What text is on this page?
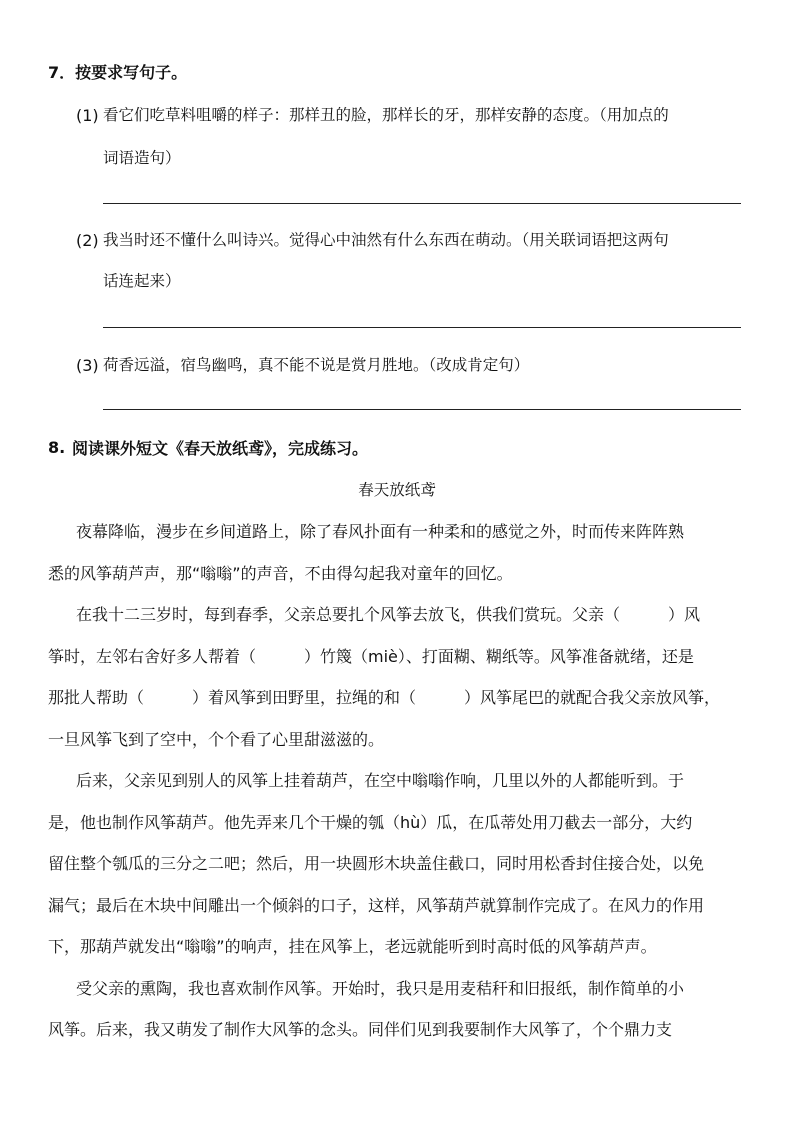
7．按要求写句子。
(1) 看它们吃草料咀嚼的样子：那样丑的脸，那样长的牙，那样安静的态度。（用加点的
词语造句）
(2) 我当时还不懂什么叫诗兴。觉得心中油然有什么东西在萌动。（用关联词语把这两句
话连起来）
(3) 荷香远溢，宿鸟幽鸣，真不能不说是赏月胜地。（改成肯定句）
8. 阅读课外短文《春天放纸鸢》，完成练习。
春天放纸鸢
夜幕降临，漫步在乡间道路上，除了春风扑面有一种柔和的感觉之外，时而传来阵阵熟
悉的风筝葫芦声，那“嗡嗡”的声音，不由得勾起我对童年的回忆。
在我十二三岁时，每到春季，父亲总要扎个风筝去放飞，供我们赏玩。父亲（　　　）风
筝时，左邻右舍好多人帮着（　　　）竹篾（miè）、打面糊、糊纸等。风筝准备就绪，还是
那批人帮助（　　　）着风筝到田野里，拉绳的和（　　　）风筝尾巴的就配合我父亲放风筝，
一旦风筝飞到了空中，个个看了心里甜滋滋的。
后来，父亲见到别人的风筝上挂着葫芦，在空中嗡嗡作响，几里以外的人都能听到。于
是，他也制作风筝葫芦。他先弄来几个干燥的瓠（hù）瓜，在瓜蒂处用刀截去一部分，大约
留住整个瓠瓜的三分之二吧；然后，用一块圆形木块盖住截口，同时用松香封住接合处，以免
漏气；最后在木块中间雕出一个倾斜的口子，这样，风筝葫芦就算制作完成了。在风力的作用
下，那葫芦就发出“嗡嗡”的响声，挂在风筝上，老远就能听到时高时低的风筝葫芦声。
受父亲的熏陶，我也喜欢制作风筝。开始时，我只是用麦秸秆和旧报纸，制作简单的小
风筝。后来，我又萌发了制作大风筝的念头。同伴们见到我要制作大风筝了，个个鼎力支
